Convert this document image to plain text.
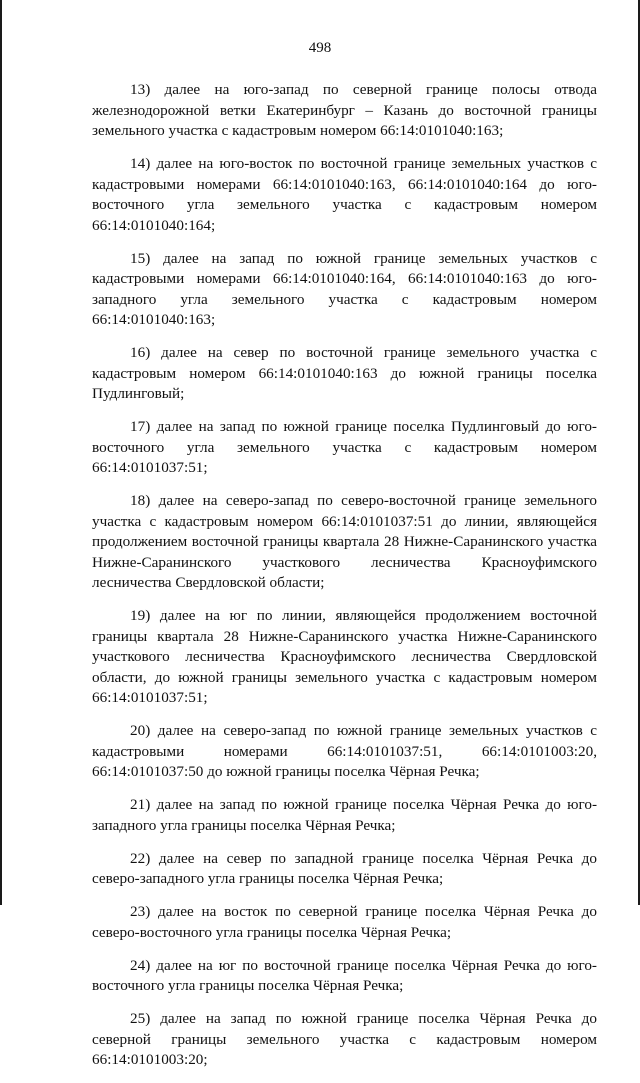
498

13) далее на юго-запад по северной границе полосы отвода железнодорожной ветки Екатеринбург – Казань до восточной границы земельного участка с кадастровым номером 66:14:0101040:163;

14) далее на юго-восток по восточной границе земельных участков с кадастровыми номерами 66:14:0101040:163, 66:14:0101040:164 до юго-восточного угла земельного участка с кадастровым номером 66:14:0101040:164;

15) далее на запад по южной границе земельных участков с кадастровыми номерами 66:14:0101040:164, 66:14:0101040:163 до юго-западного угла земельного участка с кадастровым номером 66:14:0101040:163;

16) далее на север по восточной границе земельного участка с кадастровым номером 66:14:0101040:163 до южной границы поселка Пудлинговый;

17) далее на запад по южной границе поселка Пудлинговый до юго-восточного угла земельного участка с кадастровым номером 66:14:0101037:51;

18) далее на северо-запад по северо-восточной границе земельного участка с кадастровым номером 66:14:0101037:51 до линии, являющейся продолжением восточной границы квартала 28 Нижне-Саранинского участка Нижне-Саранинского участкового лесничества Красноуфимского лесничества Свердловской области;

19) далее на юг по линии, являющейся продолжением восточной границы квартала 28 Нижне-Саранинского участка Нижне-Саранинского участкового лесничества Красноуфимского лесничества Свердловской области, до южной границы земельного участка с кадастровым номером 66:14:0101037:51;

20) далее на северо-запад по южной границе земельных участков с кадастровыми номерами 66:14:0101037:51, 66:14:0101003:20, 66:14:0101037:50 до южной границы поселка Чёрная Речка;

21) далее на запад по южной границе поселка Чёрная Речка до юго-западного угла границы поселка Чёрная Речка;

22) далее на север по западной границе поселка Чёрная Речка до северо-западного угла границы поселка Чёрная Речка;

23) далее на восток по северной границе поселка Чёрная Речка до северо-восточного угла границы поселка Чёрная Речка;

24) далее на юг по восточной границе поселка Чёрная Речка до юго-восточного угла границы поселка Чёрная Речка;

25) далее на запад по южной границе поселка Чёрная Речка до северной границы земельного участка с кадастровым номером 66:14:0101003:20;
